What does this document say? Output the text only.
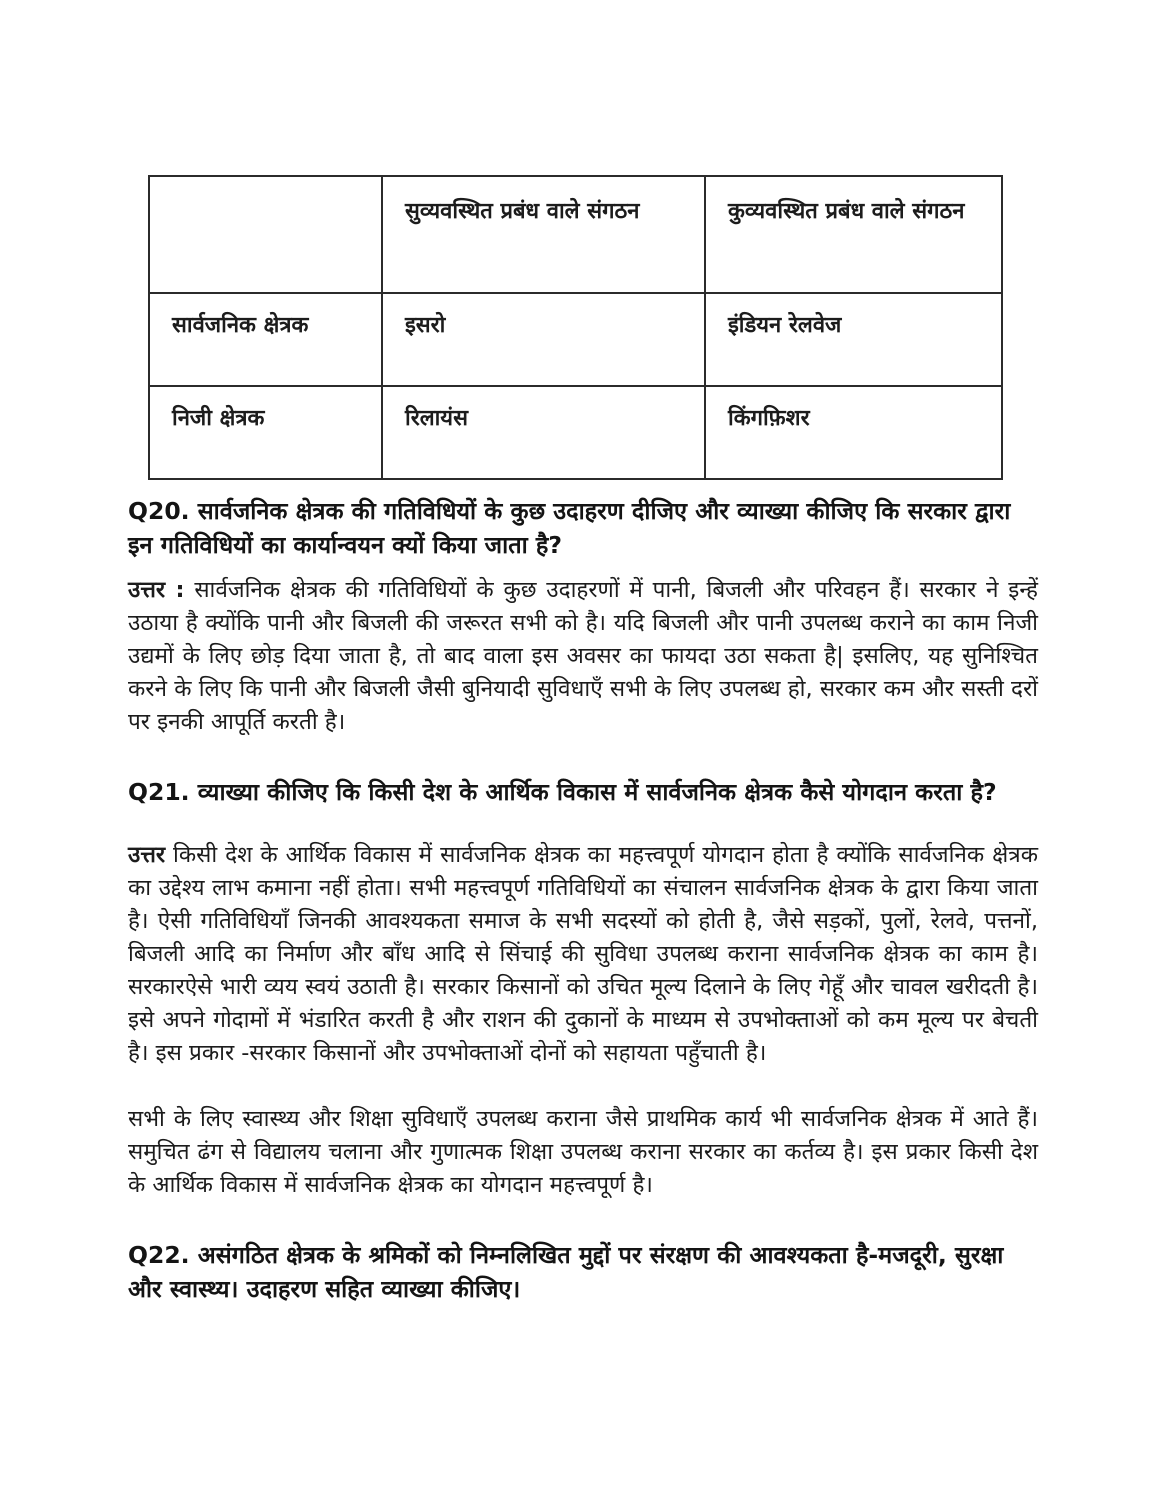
	सुव्यवस्थित प्रबंध वाले संगठन	कुव्यवस्थित प्रबंध वाले संगठन
सार्वजनिक क्षेत्रक	इसरो	इंडियन रेलवेज
निजी क्षेत्रक	रिलायंस	किंगफ़िशर
Q20. सार्वजनिक क्षेत्रक की गतिविधियों के कुछ उदाहरण दीजिए और व्याख्या कीजिए कि सरकार द्वारा इन गतिविधियों का कार्यान्वयन क्यों किया जाता है?

उत्तर : सार्वजनिक क्षेत्रक की गतिविधियों के कुछ उदाहरणों में पानी, बिजली और परिवहन हैं। सरकार ने इन्हें उठाया है क्योंकि पानी और बिजली की जरूरत सभी को है। यदि बिजली और पानी उपलब्ध कराने का काम निजी उद्यमों के लिए छोड़ दिया जाता है, तो बाद वाला इस अवसर का फायदा उठा सकता है| इसलिए, यह सुनिश्चित करने के लिए कि पानी और बिजली जैसी बुनियादी सुविधाएँ सभी के लिए उपलब्ध हो, सरकार कम और सस्ती दरों पर इनकी आपूर्ति करती है।

Q21. व्याख्या कीजिए कि किसी देश के आर्थिक विकास में सार्वजनिक क्षेत्रक कैसे योगदान करता है?

उत्तर किसी देश के आर्थिक विकास में सार्वजनिक क्षेत्रक का महत्त्वपूर्ण योगदान होता है क्योंकि सार्वजनिक क्षेत्रक का उद्देश्य लाभ कमाना नहीं होता। सभी महत्त्वपूर्ण गतिविधियों का संचालन सार्वजनिक क्षेत्रक के द्वारा किया जाता है। ऐसी गतिविधियाँ जिनकी आवश्यकता समाज के सभी सदस्यों को होती है, जैसे सड़कों, पुलों, रेलवे, पत्तनों, बिजली आदि का निर्माण और बाँध आदि से सिंचाई की सुविधा उपलब्ध कराना सार्वजनिक क्षेत्रक का काम है। सरकारऐसे भारी व्यय स्वयं उठाती है। सरकार किसानों को उचित मूल्य दिलाने के लिए गेहूँ और चावल खरीदती है। इसे अपने गोदामों में भंडारित करती है और राशन की दुकानों के माध्यम से उपभोक्ताओं को कम मूल्य पर बेचती है। इस प्रकार -सरकार किसानों और उपभोक्ताओं दोनों को सहायता पहुँचाती है।

सभी के लिए स्वास्थ्य और शिक्षा सुविधाएँ उपलब्ध कराना जैसे प्राथमिक कार्य भी सार्वजनिक क्षेत्रक में आते हैं। समुचित ढंग से विद्यालय चलाना और गुणात्मक शिक्षा उपलब्ध कराना सरकार का कर्तव्य है। इस प्रकार किसी देश के आर्थिक विकास में सार्वजनिक क्षेत्रक का योगदान महत्त्वपूर्ण है।

Q22. असंगठित क्षेत्रक के श्रमिकों को निम्नलिखित मुद्दों पर संरक्षण की आवश्यकता है-मजदूरी, सुरक्षा और स्वास्थ्य। उदाहरण सहित व्याख्या कीजिए।
